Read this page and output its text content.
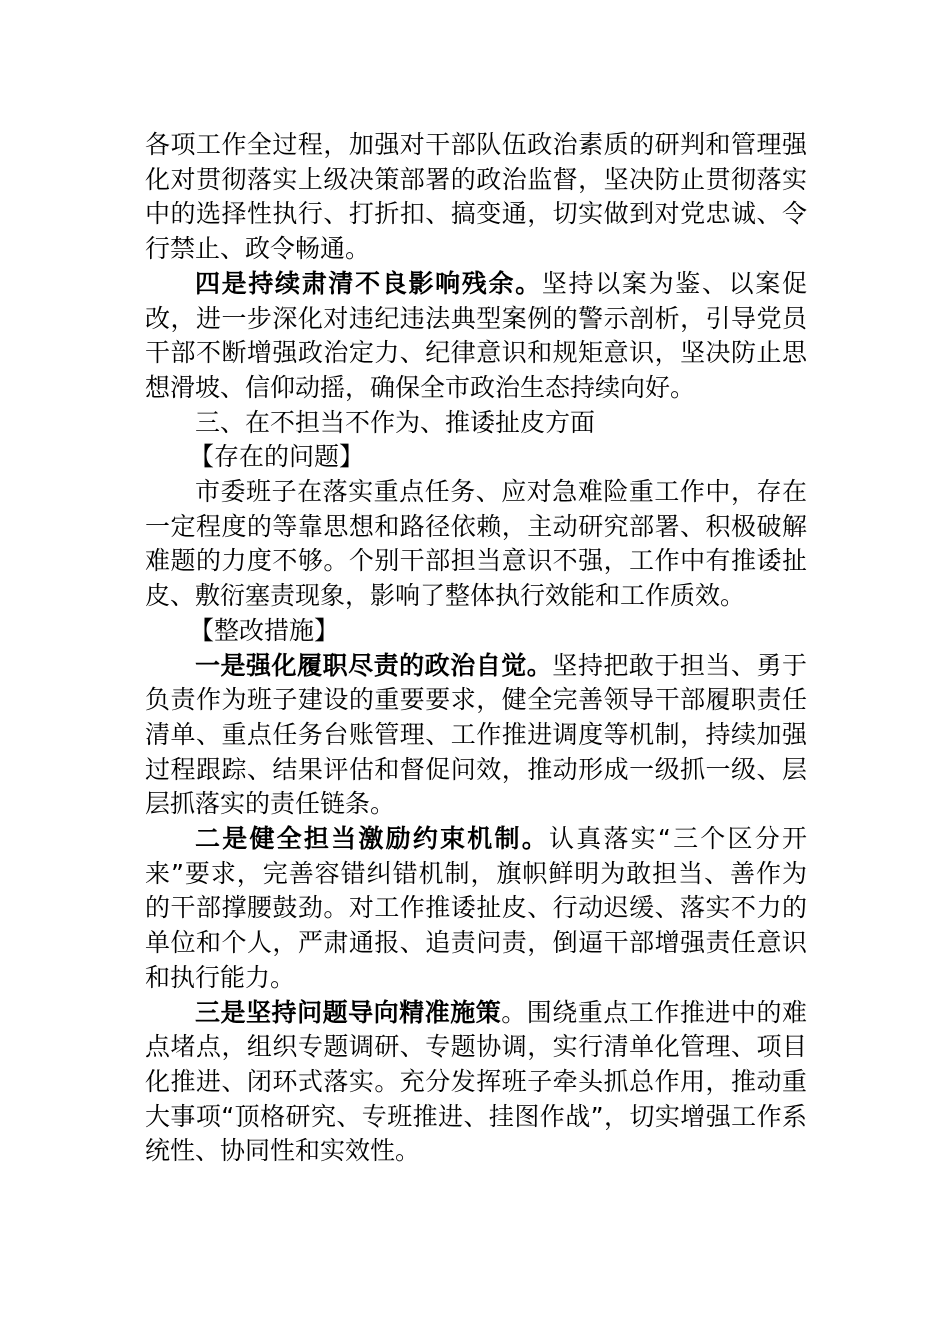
各项工作全过程，加强对干部队伍政治素质的研判和管理强化对贯彻落实上级决策部署的政治监督，坚决防止贯彻落实中的选择性执行、打折扣、搞变通，切实做到对党忠诚、令行禁止、政令畅通。

四是持续肃清不良影响残余。坚持以案为鉴、以案促改，进一步深化对违纪违法典型案例的警示剖析，引导党员干部不断增强政治定力、纪律意识和规矩意识，坚决防止思想滑坡、信仰动摇，确保全市政治生态持续向好。

三、在不担当不作为、推诿扯皮方面

【存在的问题】

市委班子在落实重点任务、应对急难险重工作中，存在一定程度的等靠思想和路径依赖，主动研究部署、积极破解难题的力度不够。个别干部担当意识不强，工作中有推诿扯皮、敷衍塞责现象，影响了整体执行效能和工作质效。

【整改措施】

一是强化履职尽责的政治自觉。坚持把敢于担当、勇于负责作为班子建设的重要要求，健全完善领导干部履职责任清单、重点任务台账管理、工作推进调度等机制，持续加强过程跟踪、结果评估和督促问效，推动形成一级抓一级、层层抓落实的责任链条。

二是健全担当激励约束机制。认真落实“三个区分开来”要求，完善容错纠错机制，旗帜鲜明为敢担当、善作为的干部撑腰鼓劲。对工作推诿扯皮、行动迟缓、落实不力的单位和个人，严肃通报、追责问责，倒逼干部增强责任意识和执行能力。

三是坚持问题导向精准施策。围绕重点工作推进中的难点堵点，组织专题调研、专题协调，实行清单化管理、项目化推进、闭环式落实。充分发挥班子牵头抓总作用，推动重大事项“顶格研究、专班推进、挂图作战”，切实增强工作系统性、协同性和实效性。
